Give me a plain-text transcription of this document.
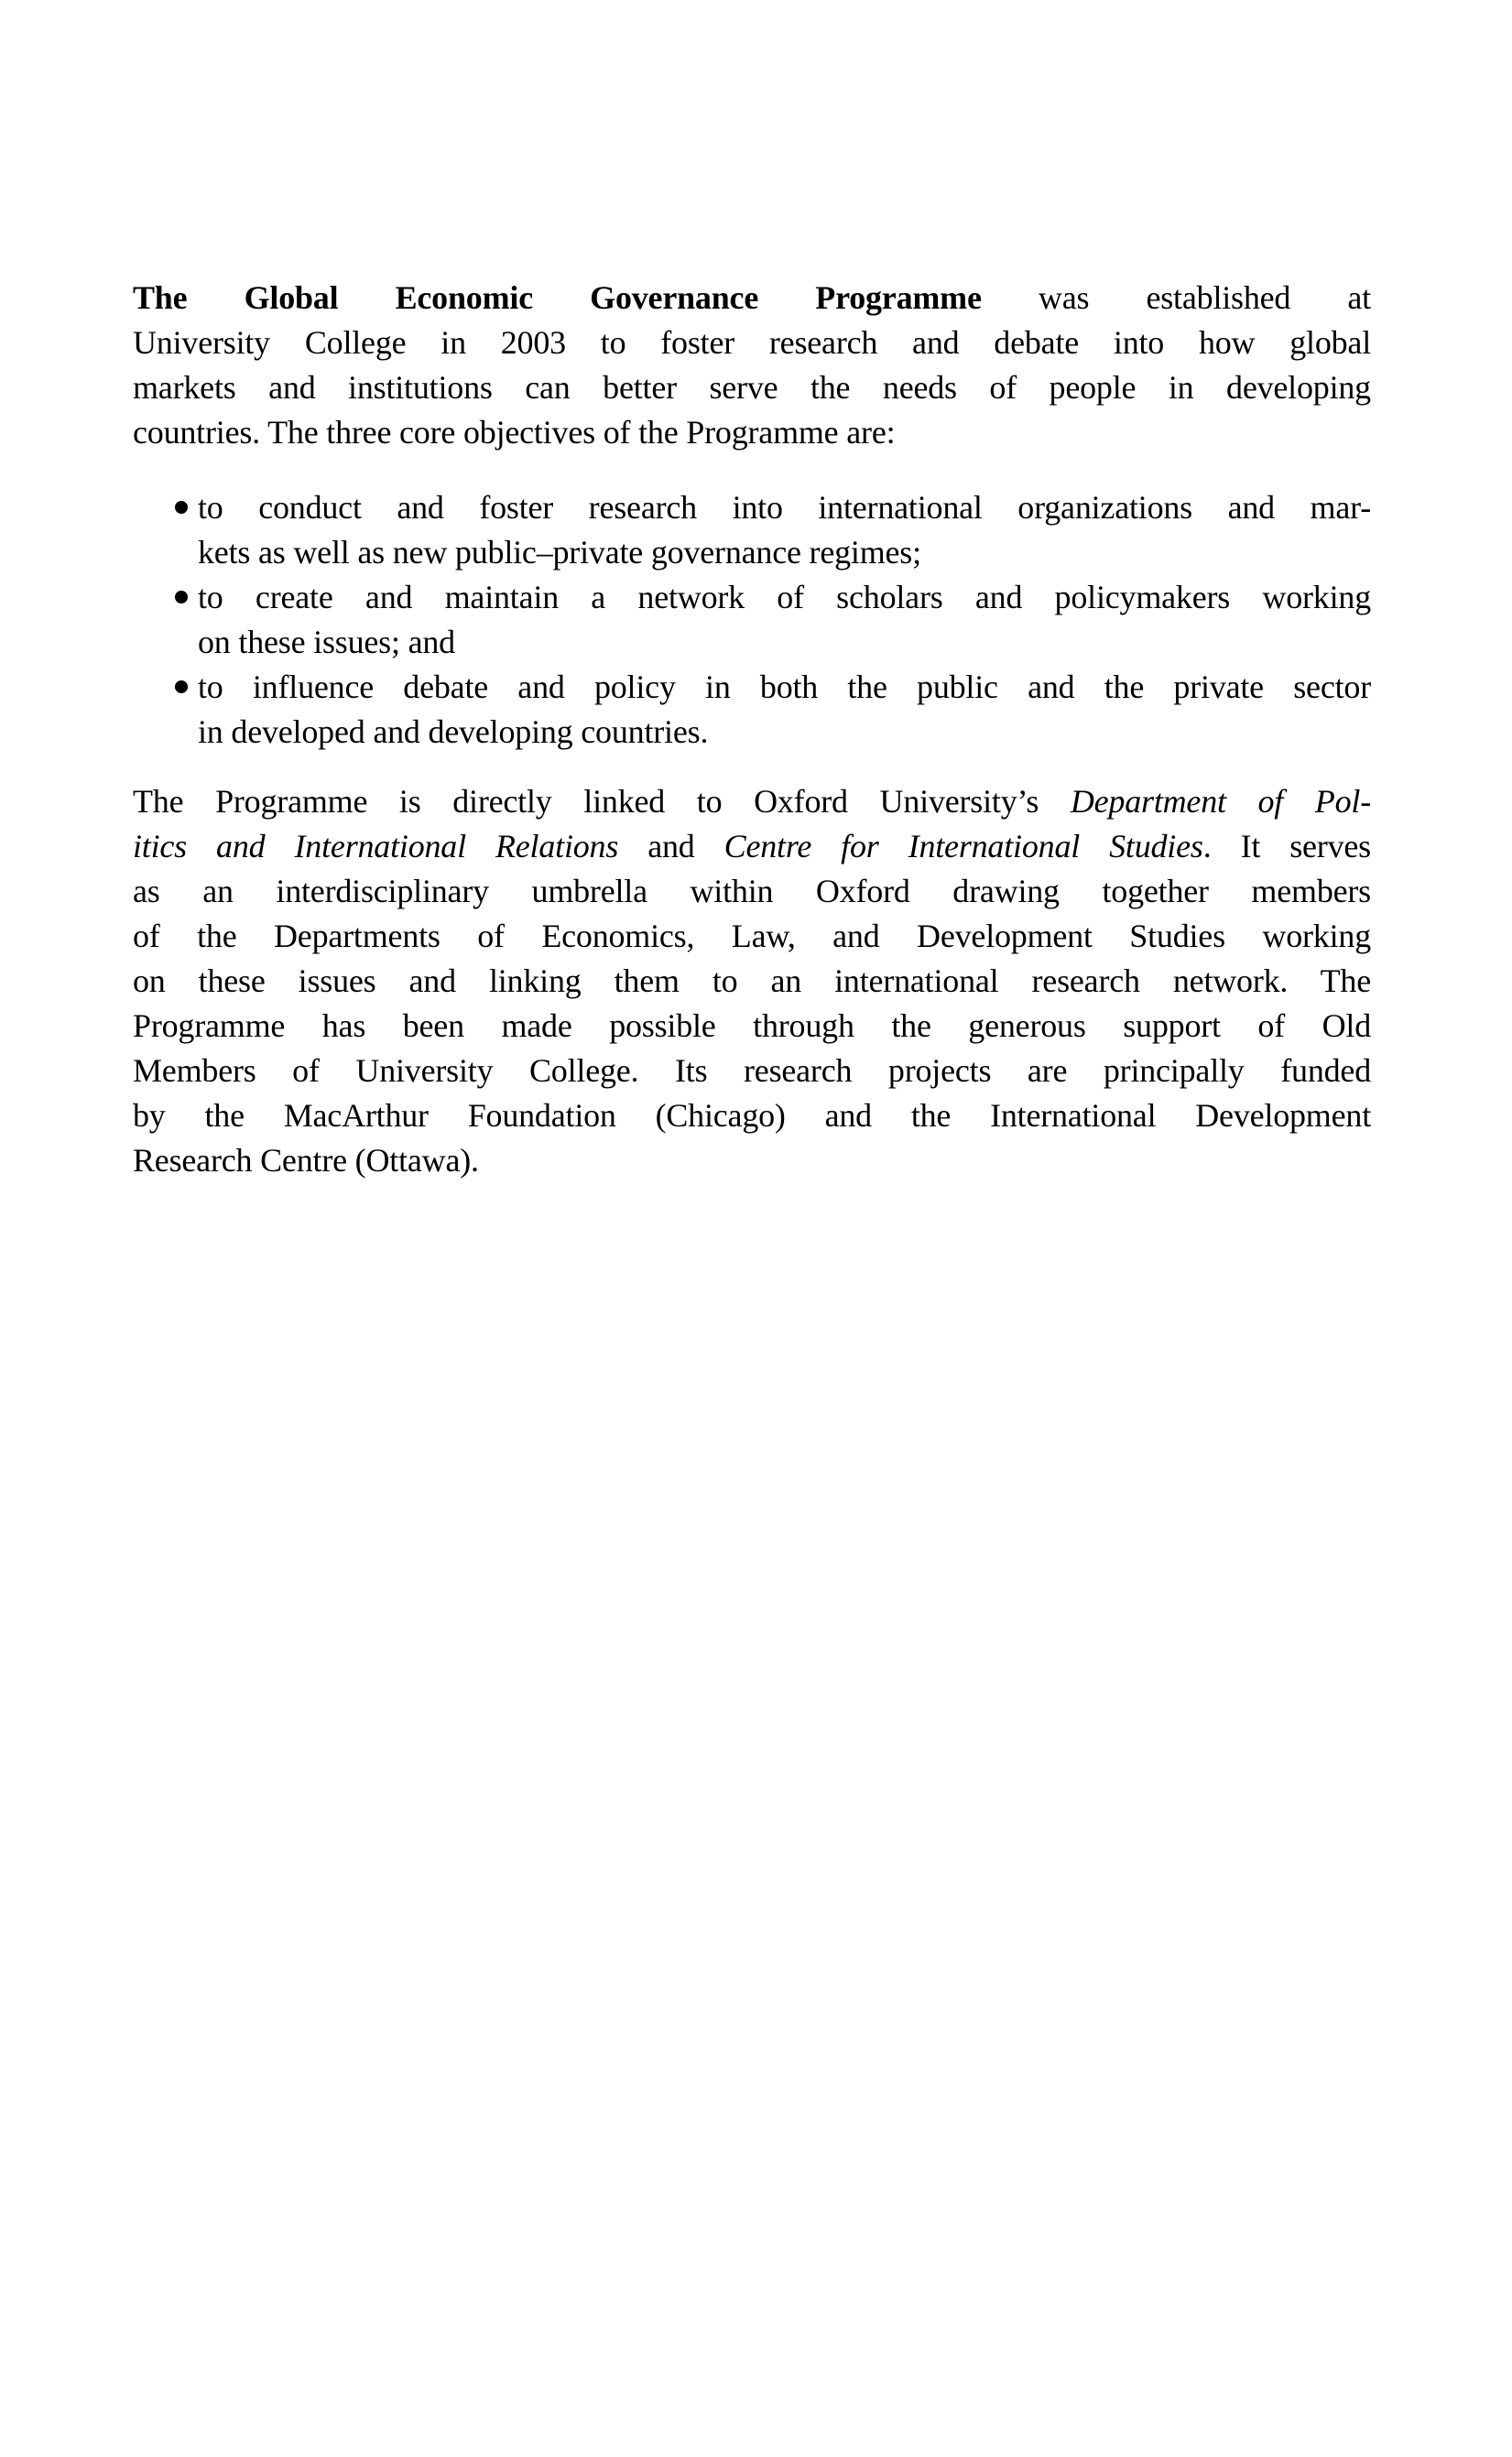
The Global Economic Governance Programme was established at
University College in 2003 to foster research and debate into how global
markets and institutions can better serve the needs of people in developing
countries. The three core objectives of the Programme are:
to conduct and foster research into international organizations and mar-
kets as well as new public–private governance regimes;
to create and maintain a network of scholars and policymakers working
on these issues; and
to influence debate and policy in both the public and the private sector
in developed and developing countries.
The Programme is directly linked to Oxford University’s Department of Pol-
itics and International Relations and Centre for International Studies. It serves
as an interdisciplinary umbrella within Oxford drawing together members
of the Departments of Economics, Law, and Development Studies working
on these issues and linking them to an international research network. The
Programme has been made possible through the generous support of Old
Members of University College. Its research projects are principally funded
by the MacArthur Foundation (Chicago) and the International Development
Research Centre (Ottawa).
